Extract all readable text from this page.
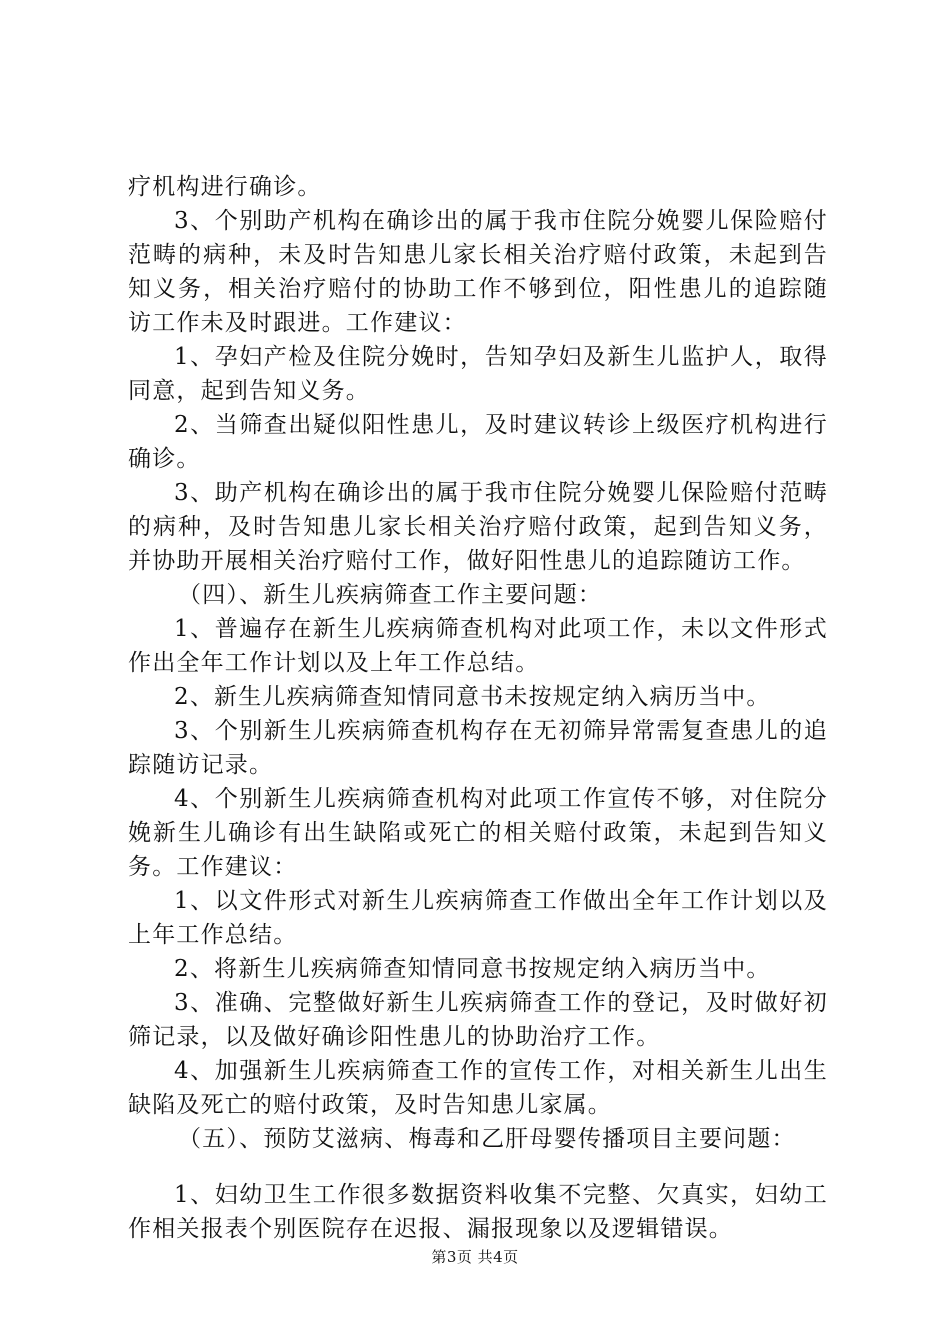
疗机构进行确诊。

3、个别助产机构在确诊出的属于我市住院分娩婴儿保险赔付范畴的病种，未及时告知患儿家长相关治疗赔付政策，未起到告知义务，相关治疗赔付的协助工作不够到位，阳性患儿的追踪随访工作未及时跟进。工作建议：

1、孕妇产检及住院分娩时，告知孕妇及新生儿监护人，取得同意，起到告知义务。

2、当筛查出疑似阳性患儿，及时建议转诊上级医疗机构进行确诊。

3、助产机构在确诊出的属于我市住院分娩婴儿保险赔付范畴的病种，及时告知患儿家长相关治疗赔付政策，起到告知义务，并协助开展相关治疗赔付工作，做好阳性患儿的追踪随访工作。

（四）、新生儿疾病筛查工作主要问题：

1、普遍存在新生儿疾病筛查机构对此项工作，未以文件形式作出全年工作计划以及上年工作总结。

2、新生儿疾病筛查知情同意书未按规定纳入病历当中。

3、个别新生儿疾病筛查机构存在无初筛异常需复查患儿的追踪随访记录。

4、个别新生儿疾病筛查机构对此项工作宣传不够，对住院分娩新生儿确诊有出生缺陷或死亡的相关赔付政策，未起到告知义务。工作建议：

1、以文件形式对新生儿疾病筛查工作做出全年工作计划以及上年工作总结。

2、将新生儿疾病筛查知情同意书按规定纳入病历当中。

3、准确、完整做好新生儿疾病筛查工作的登记，及时做好初筛记录，以及做好确诊阳性患儿的协助治疗工作。

4、加强新生儿疾病筛查工作的宣传工作，对相关新生儿出生缺陷及死亡的赔付政策，及时告知患儿家属。

（五）、预防艾滋病、梅毒和乙肝母婴传播项目主要问题：

1、妇幼卫生工作很多数据资料收集不完整、欠真实，妇幼工作相关报表个别医院存在迟报、漏报现象以及逻辑错误。

第3页 共4页
